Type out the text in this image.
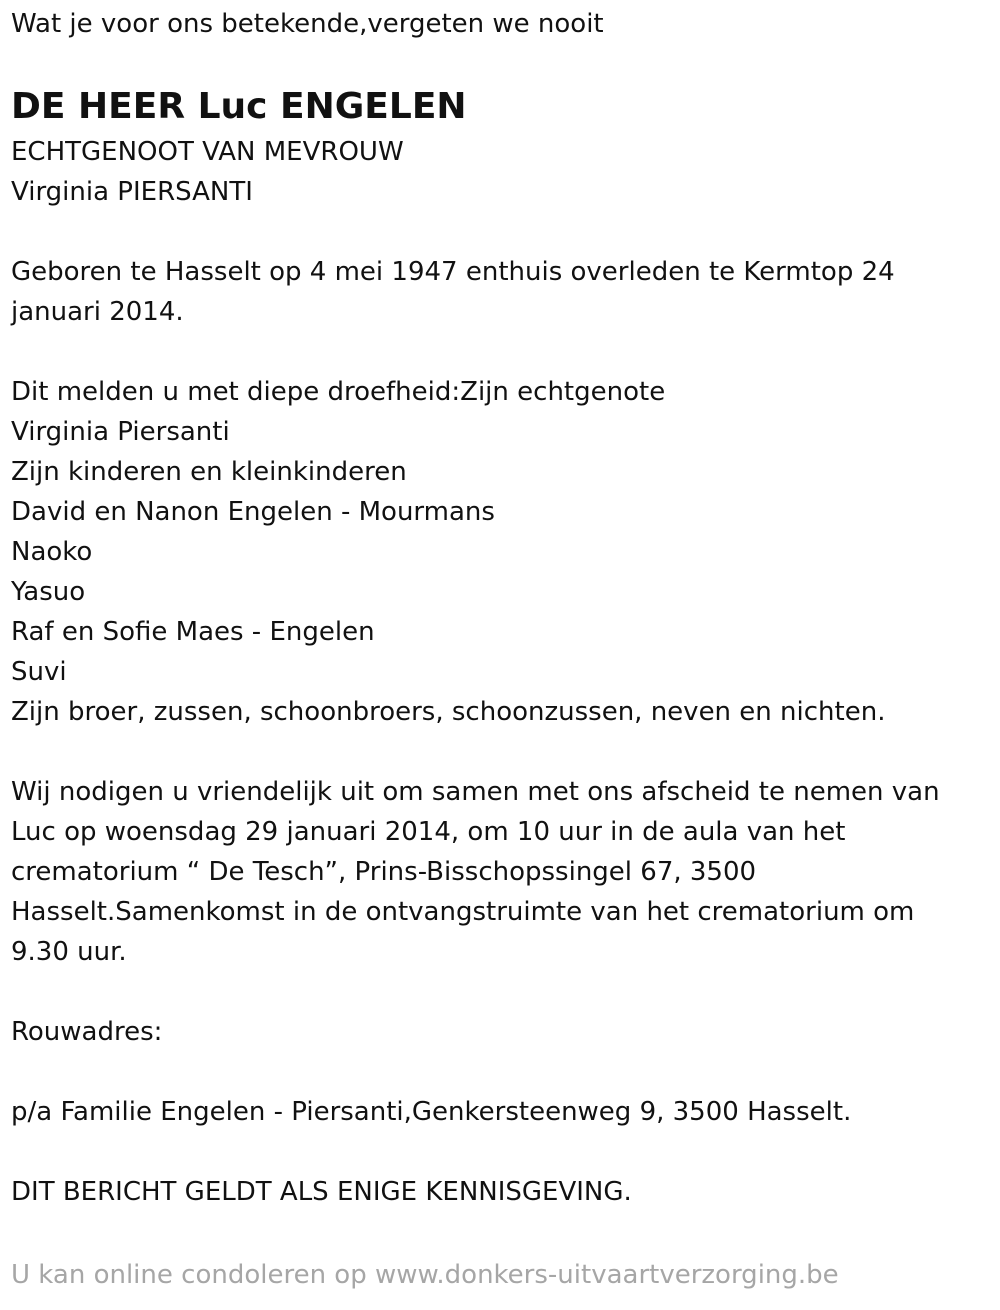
Wat je voor ons betekende,vergeten we nooit
DE HEER Luc ENGELEN
ECHTGENOOT VAN MEVROUW
Virginia PIERSANTI
Geboren te Hasselt op 4 mei 1947 enthuis overleden te Kermtop 24
januari 2014.
Dit melden u met diepe droefheid:Zijn echtgenote
Virginia Piersanti
Zijn kinderen en kleinkinderen
David en Nanon Engelen - Mourmans
Naoko
Yasuo
Raf en Sofie Maes - Engelen
Suvi
Zijn broer, zussen, schoonbroers, schoonzussen, neven en nichten.
Wij nodigen u vriendelijk uit om samen met ons afscheid te nemen van
Luc op woensdag 29 januari 2014, om 10 uur in de aula van het
crematorium “ De Tesch”, Prins-Bisschopssingel 67, 3500
Hasselt.Samenkomst in de ontvangstruimte van het crematorium om
9.30 uur.
Rouwadres:
p/a Familie Engelen - Piersanti,Genkersteenweg 9, 3500 Hasselt.
DIT BERICHT GELDT ALS ENIGE KENNISGEVING.
U kan online condoleren op www.donkers-uitvaartverzorging.be
